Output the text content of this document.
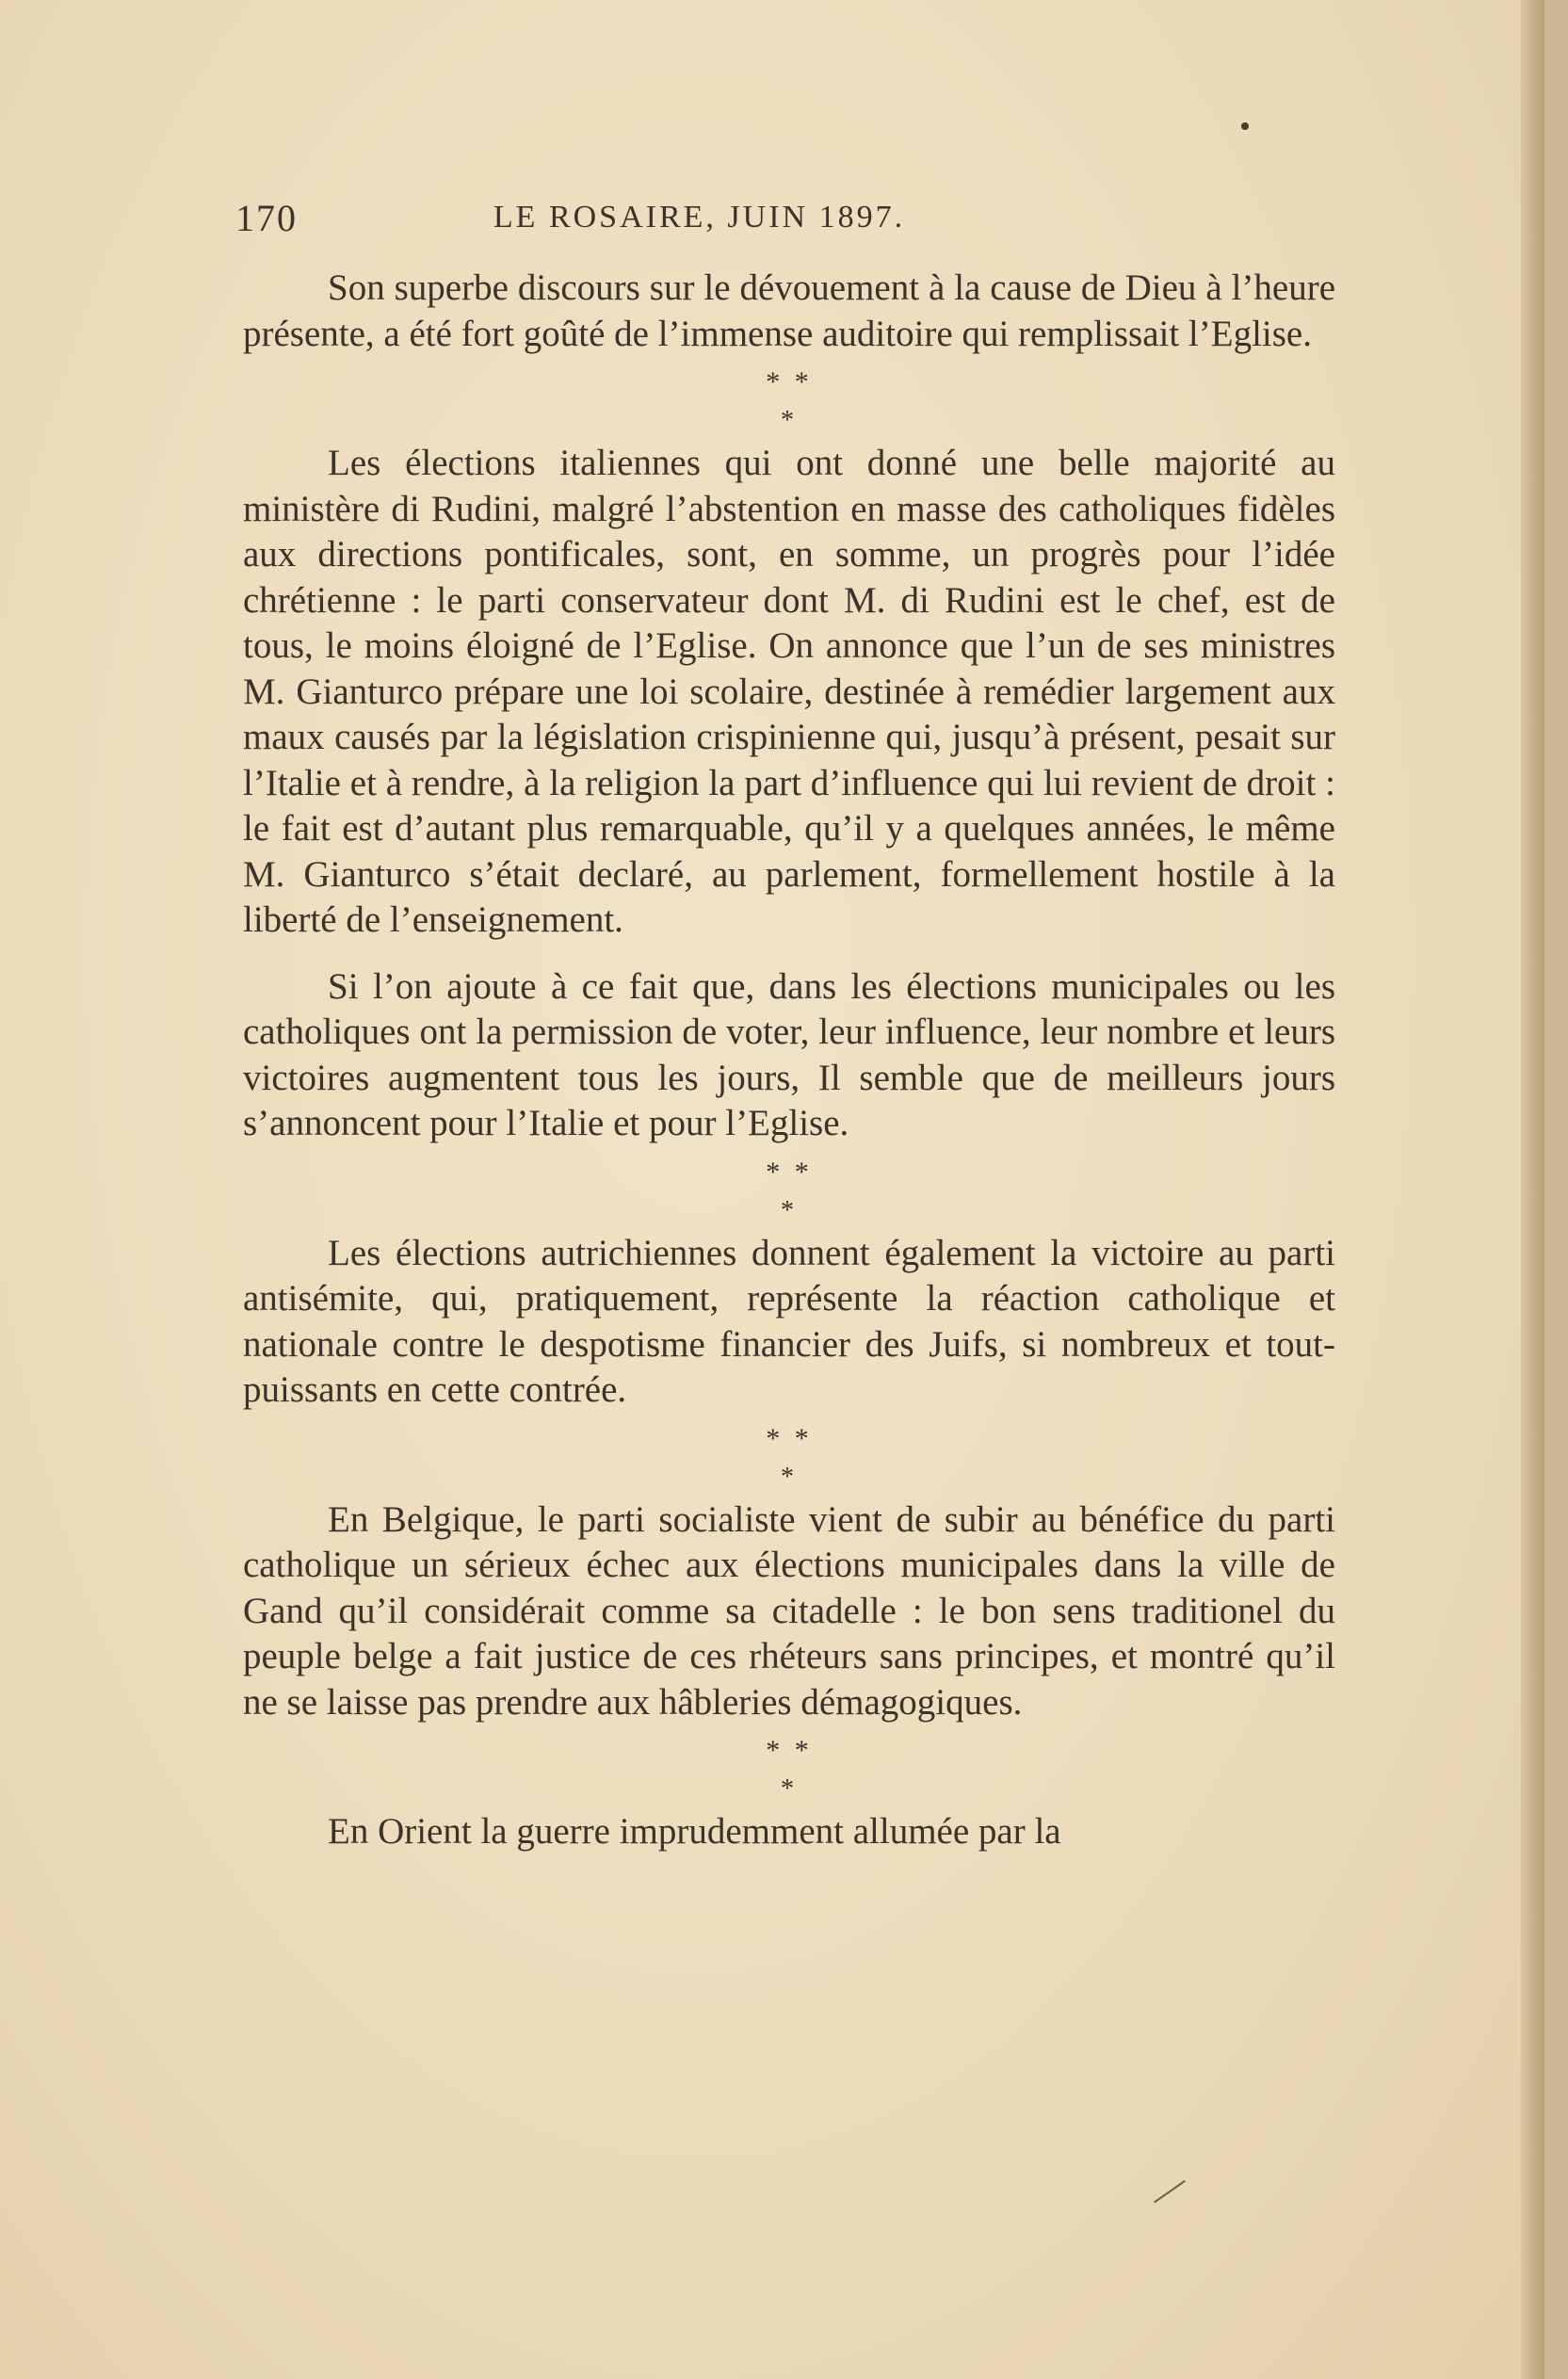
170	LE ROSAIRE, JUIN 1897.

Son superbe discours sur le dévouement à la cause de Dieu à l’heure présente, a été fort goûté de l’immense auditoire qui remplissait l’Eglise.

* *
*

Les élections italiennes qui ont donné une belle majorité au ministère di Rudini, malgré l’abstention en masse des catholiques fidèles aux directions pontificales, sont, en somme, un progrès pour l’idée chrétienne : le parti conservateur dont M. di Rudini est le chef, est de tous, le moins éloigné de l’Eglise. On annonce que l’un de ses ministres M. Gianturco prépare une loi scolaire, destinée à remédier largement aux maux causés par la législation crispinienne qui, jusqu’à présent, pesait sur l’Italie et à rendre, à la religion la part d’influence qui lui revient de droit : le fait est d’autant plus remarquable, qu’il y a quelques années, le même M. Gianturco s’était declaré, au parlement, formellement hostile à la liberté de l’enseignement.

Si l’on ajoute à ce fait que, dans les élections municipales ou les catholiques ont la permission de voter, leur influence, leur nombre et leurs victoires augmentent tous les jours, Il semble que de meilleurs jours s’annoncent pour l’Italie et pour l’Eglise.

* *
*

Les élections autrichiennes donnent également la victoire au parti antisémite, qui, pratiquement, représente la réaction catholique et nationale contre le despotisme financier des Juifs, si nombreux et tout-puissants en cette contrée.

* *
*

En Belgique, le parti socialiste vient de subir au bénéfice du parti catholique un sérieux échec aux élections municipales dans la ville de Gand qu’il considérait comme sa citadelle : le bon sens traditionel du peuple belge a fait justice de ces rhéteurs sans principes, et montré qu’il ne se laisse pas prendre aux hâbleries démagogiques.

* *
*

En Orient la guerre imprudemment allumée par la
